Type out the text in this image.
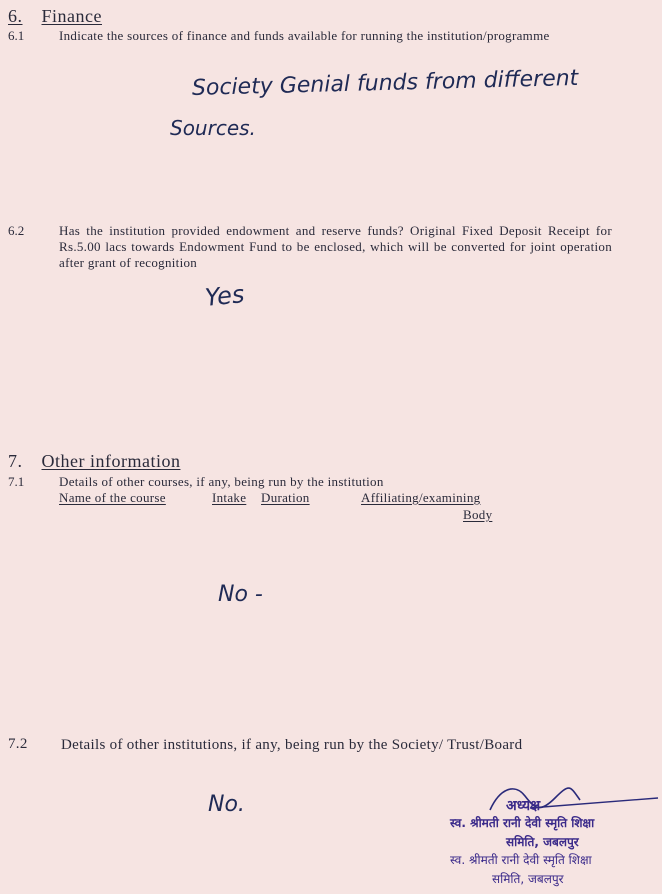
6. Finance
6.1	Indicate the sources of finance and funds available for running the institution/programme
Society Genial funds from different
Sources.
6.2	Has the institution provided endowment and reserve funds? Original Fixed Deposit Receipt for Rs.5.00 lacs towards Endowment Fund to be enclosed, which will be converted for joint operation after grant of recognition
Yes
7. Other information
7.1	Details of other courses, if any, being run by the institution
Name of the course	Intake Duration	Affiliating/examining
Body
No -
7.2 Details of other institutions, if any, being run by the Society/ Trust/Board
No.	अध्यक्ष
स्व. श्रीमती रानी देवी स्मृति शिक्षा
समिति, जबलपुर
स्व. श्रीमती रानी देवी स्मृति शिक्षा
समिति, जबलपुर
